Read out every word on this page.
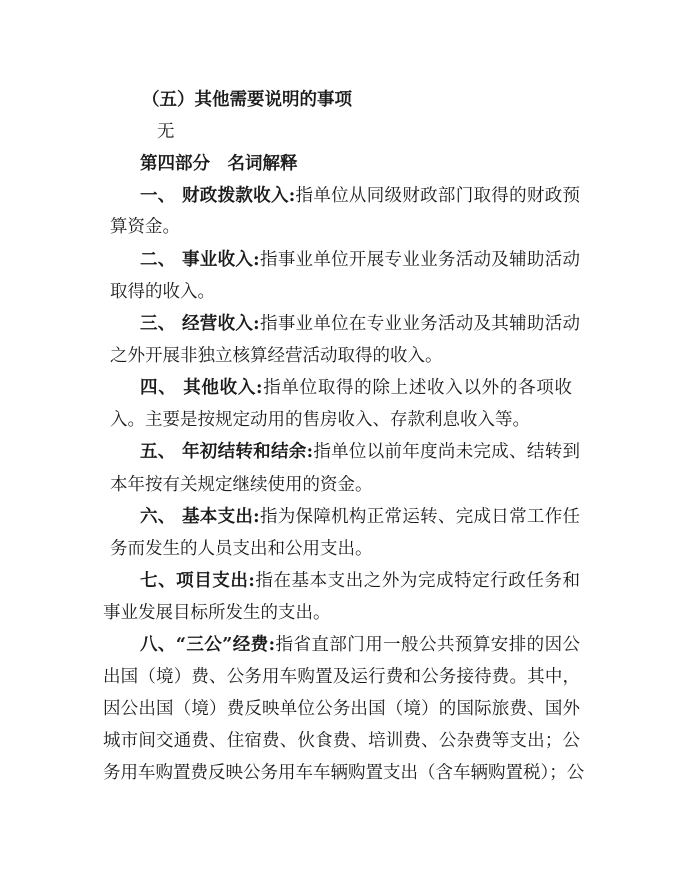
（五）其他需要说明的事项
无
第四部分　名词解释
一、 财政拨款收入:指单位从同级财政部门取得的财政预
算资金。
二、 事业收入:指事业单位开展专业业务活动及辅助活动
取得的收入。
三、 经营收入:指事业单位在专业业务活动及其辅助活动
之外开展非独立核算经营活动取得的收入。
四、 其他收入:指单位取得的除上述收入以外的各项收
入。主要是按规定动用的售房收入、存款利息收入等。
五、 年初结转和结余:指单位以前年度尚未完成、结转到
本年按有关规定继续使用的资金。
六、 基本支出:指为保障机构正常运转、完成日常工作任
务而发生的人员支出和公用支出。
七、项目支出:指在基本支出之外为完成特定行政任务和
事业发展目标所发生的支出。
八、“三公”经费:指省直部门用一般公共预算安排的因公
出国（境）费、公务用车购置及运行费和公务接待费。其中，
因公出国（境）费反映单位公务出国（境）的国际旅费、国外
城市间交通费、住宿费、伙食费、培训费、公杂费等支出；公
务用车购置费反映公务用车车辆购置支出（含车辆购置税）；公
